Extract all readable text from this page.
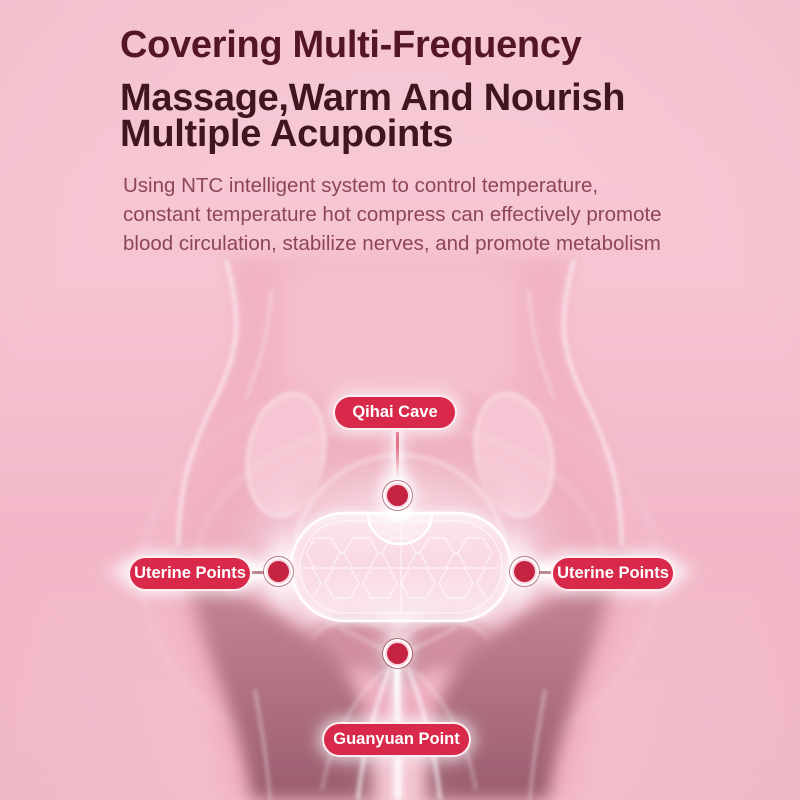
Covering Multi-Frequency
Massage,Warm And Nourish
Multiple Acupoints
Using NTC intelligent system to control temperature,
constant temperature hot compress can effectively promote
blood circulation, stabilize nerves, and promote metabolism
Qihai Cave
Uterine Points	Uterine Points
Guanyuan Point
